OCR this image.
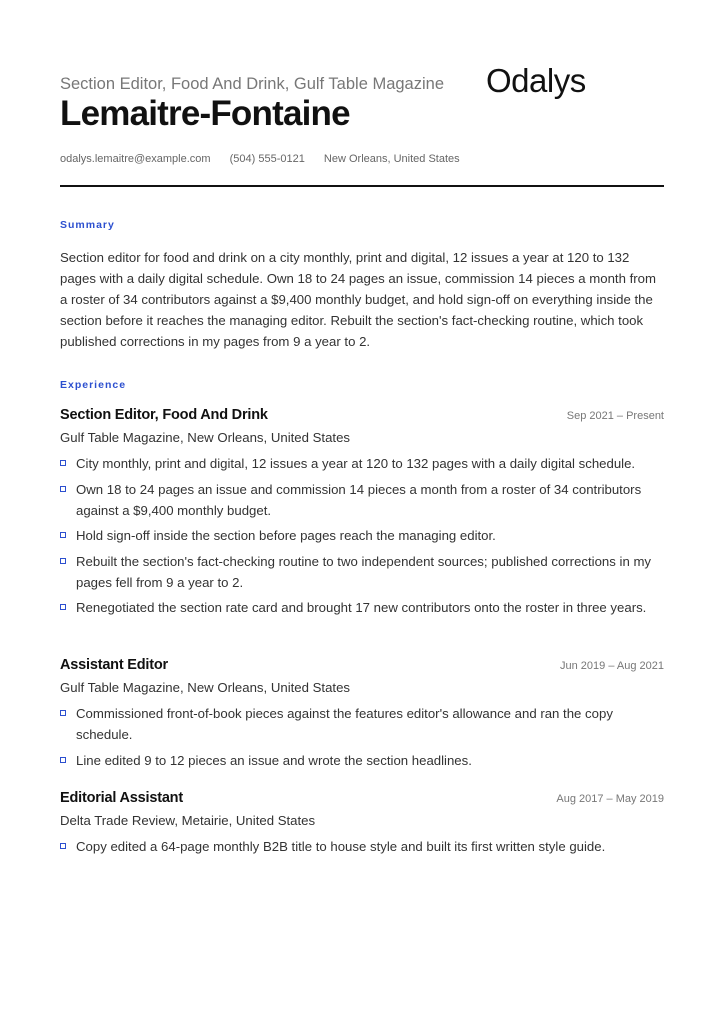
Section Editor, Food And Drink, Gulf Table Magazine Odalys
Lemaitre-Fontaine
odalys.lemaitre@example.com (504) 555-0121 New Orleans, United States
Summary
Section editor for food and drink on a city monthly, print and digital, 12 issues a year at 120 to 132 pages with a daily digital schedule. Own 18 to 24 pages an issue, commission 14 pieces a month from a roster of 34 contributors against a $9,400 monthly budget, and hold sign-off on everything inside the section before it reaches the managing editor. Rebuilt the section's fact-checking routine, which took published corrections in my pages from 9 a year to 2.
Experience
Section Editor, Food And Drink	Sep 2021 – Present
Gulf Table Magazine, New Orleans, United States
City monthly, print and digital, 12 issues a year at 120 to 132 pages with a daily digital schedule.
Own 18 to 24 pages an issue and commission 14 pieces a month from a roster of 34 contributors against a $9,400 monthly budget.
Hold sign-off inside the section before pages reach the managing editor.
Rebuilt the section's fact-checking routine to two independent sources; published corrections in my pages fell from 9 a year to 2.
Renegotiated the section rate card and brought 17 new contributors onto the roster in three years.
Assistant Editor	Jun 2019 – Aug 2021
Gulf Table Magazine, New Orleans, United States
Commissioned front-of-book pieces against the features editor's allowance and ran the copy schedule.
Line edited 9 to 12 pieces an issue and wrote the section headlines.
Editorial Assistant	Aug 2017 – May 2019
Delta Trade Review, Metairie, United States
Copy edited a 64-page monthly B2B title to house style and built its first written style guide.
